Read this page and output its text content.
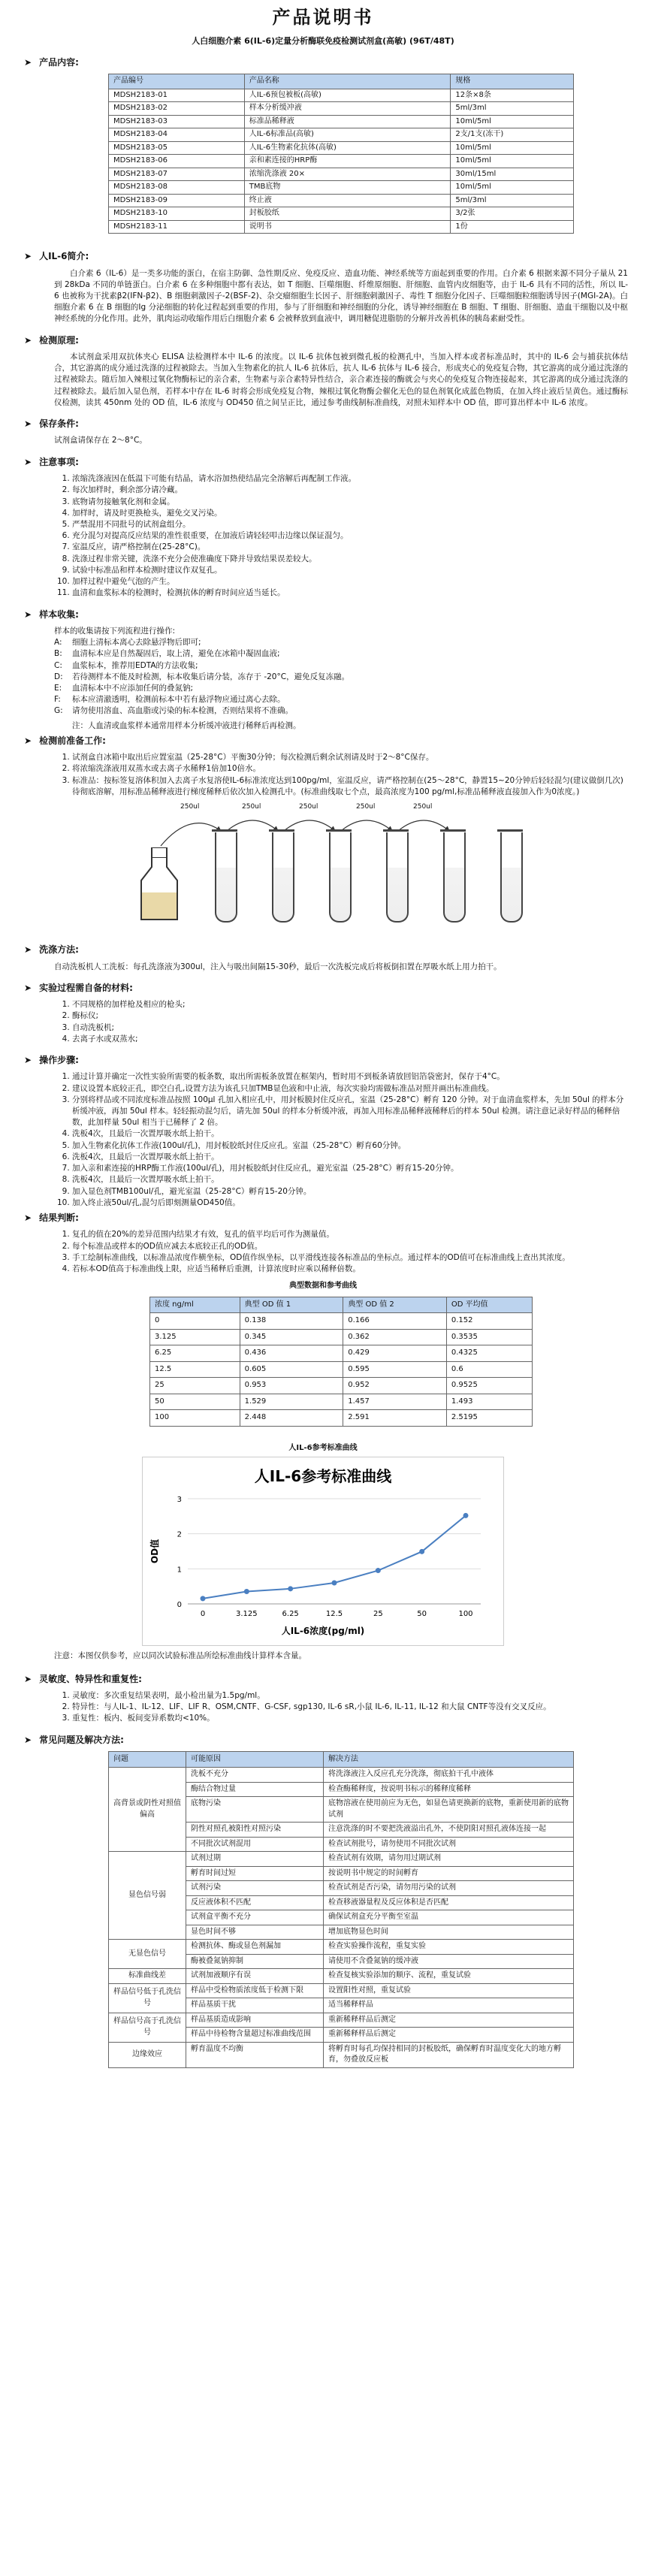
产品说明书
人白细胞介素 6(IL-6)定量分析酶联免疫检测试剂盒(高敏) (96T/48T)
➤ 产品内容:
产品编号	产品名称	规格
MDSH2183-01	人IL-6预包被板(高敏)	12条×8条
MDSH2183-02	样本分析缓冲液	5ml/3ml
MDSH2183-03	标准品稀释液	10ml/5ml
MDSH2183-04	人IL-6标准品(高敏)	2支/1支(冻干)
MDSH2183-05	人IL-6生物素化抗体(高敏)	10ml/5ml
MDSH2183-06	亲和素连接的HRP酶	10ml/5ml
MDSH2183-07	浓缩洗涤液 20×	30ml/15ml
MDSH2183-08	TMB底物	10ml/5ml
MDSH2183-09	终止液	5ml/3ml
MDSH2183-10	封板胶纸	3/2张
MDSH2183-11	说明书	1份
➤ 人IL-6简介:

白介素 6（IL-6）是一类多功能的蛋白，在宿主防御、急性期反应、免疫反应、造血功能、神经系统等方面起到重要的作用。白介素 6 根据来源不同分子量从 21 到 28kDa 不同的单链蛋白。白介素 6 在多种细胞中都有表达，如 T 细胞、巨噬细胞、纤维原细胞、肝细胞、血管内皮细胞等，由于 IL-6 具有不同的活性，所以 IL-6 也被称为干扰素β2(IFN-β2)、B 细胞刺激因子-2(BSF-2)、杂交瘤细胞生长因子、肝细胞刺激因子、毒性 T 细胞分化因子、巨噬细胞粒细胞诱导因子(MGI-2A)。白细胞介素 6 在 B 细胞的Ig 分泌细胞的转化过程起到重要的作用，参与了肝细胞和神经细胞的分化，诱导神经细胞在 B 细胞、T 细胞、肝细胞、造血干细胞以及中枢神经系统的分化作用。此外，肌肉运动收缩作用后白细胞介素 6 会被释放到血液中，调用糖促进脂肪的分解并改善机体的胰岛素耐受性。

➤ 检测原理:

本试剂盒采用双抗体夹心 ELISA 法检测样本中 IL-6 的浓度。以 IL-6 抗体包被到微孔板的检测孔中，当加入样本或者标准品时，其中的 IL-6 会与捕获抗体结合，其它游离的成分通过洗涤的过程被除去。当加入生物素化的抗人 IL-6 抗体后，抗人 IL-6 抗体与 IL-6 接合，形成夹心的免疫复合物，其它游离的成分通过洗涤的过程被除去。随后加入辣根过氧化物酶标记的亲合素，生物素与亲合素特异性结合，亲合素连接的酶就会与夹心的免疫复合物连接起来，其它游离的成分通过洗涤的过程被除去。最后加入显色剂，若样本中存在 IL-6 时将会形成免疫复合物，辣根过氧化物酶会催化无色的显色剂氧化成蓝色物质，在加入终止液后呈黄色。通过酶标仪检测，读其 450nm 处的 OD 值，IL-6 浓度与 OD450 值之间呈正比，通过参考曲线制标准曲线，对照未知样本中 OD 值，即可算出样本中 IL-6 浓度。

➤ 保存条件:

试剂盒请保存在 2～8°C。

➤ 注意事项:
1. 浓缩洗涤液因在低温下可能有结晶，请水浴加热使结晶完全溶解后再配制工作液。
2. 每次加样时，剩余部分请冷藏。
3. 底物请勿接触氧化剂和金属。
4. 加样时，请及时更换枪头，避免交叉污染。
5. 严禁混用不同批号的试剂盒组分。
6. 充分混匀对提高反应结果的准性很重要，在加液后请轻轻叩击边缘以保证混匀。
7. 室温反应，请严格控制在(25-28°C)。
8. 洗涤过程非常关键，洗涤不充分会使准确度下降并导致结果误差较大。
9. 试验中标准品和样本检测时建议作双复孔。
10. 加样过程中避免气泡的产生。
11. 血清和血浆标本的检测时，检测抗体的孵育时间应适当延长。
➤ 样本收集:
样本的收集请按下列流程进行操作:
A: 细胞上清标本离心去除悬浮物后即可;
B: 血清标本应是自然凝固后，取上清，避免在冰箱中凝固血液;
C: 血浆标本，推荐用EDTA的方法收集;
D: 若待测样本不能及时检测，标本收集后请分装，冻存于 -20°C，避免反复冻融。
E: 血清标本中不应添加任何的叠氮钠;
F: 标本应清澈透明，检测前标本中若有悬浮物应通过离心去除。
G: 请勿使用溶血、高血脂或污染的标本检测，否则结果将不准确。
注：人血清或血浆样本通常用样本分析缓冲液进行稀释后再检测。
➤ 检测前准备工作:
1. 试剂盒自冰箱中取出后应置室温（25-28°C）平衡30分钟；每次检测后剩余试剂请及时于2～8°C保存。
2. 将浓缩洗涤液用双蒸水或去离子水稀释1倍加10倍水。
3. 标准品：按标签复溶体积加入去离子水复溶使IL-6标准浓度达到100pg/ml，室温反应，请严格控制在(25～28°C，静置15~20分钟后轻轻混匀(建议做倒几次) 待彻底溶解，用标准品稀释液进行梯度稀释后依次加入检测孔中。(标准曲线取七个点，最高浓度为100 pg/ml,标准品稀释液直接加入作为0浓度。)
250ul	250ul	250ul	250ul	250ul
➤ 洗涤方法:

自动洗板机人工洗板：每孔洗涤液为300ul，注入与吸出间隔15-30秒，最后一次洗板完成后将板倒扣置在厚吸水纸上用力拍干。

➤ 实验过程需自备的材料:
1. 不同规格的加样枪及相应的枪头;
2. 酶标仪;
3. 自动洗板机;
4. 去离子水或双蒸水;
➤ 操作步骤:
1. 通过计算并确定一次性实验所需要的板条数，取出所需板条放置在框架内，暂时用不到板条请放回铝箔袋密封，保存于4°C。
2. 建议设置本底较正孔，即空白孔,设置方法为该孔只加TMB显色液和中止液，每次实验均需做标准品对照并画出标准曲线。
3. 分别将样品或不同浓度标准品按照 100μl 孔加入相应孔中，用封板膜封住反应孔，室温（25-28°C）孵育 120 分钟。对于血清血浆样本，先加 50ul 的样本分析缓冲液，再加 50ul 样本。轻轻振动混匀后，请先加 50ul 的样本分析缓冲液，再加入用标准品稀释液稀释后的样本 50ul 检测。请注意记录好样品的稀释倍数，此加样量 50ul 相当于已稀释了 2 倍。
4. 洗板4次，且最后一次置厚吸水纸上拍干。
5. 加入生物素化抗体工作液(100ul/孔)，用封板胶纸封住反应孔。室温（25-28°C）孵育60分钟。
6. 洗板4次，且最后一次置厚吸水纸上拍干。
7. 加入亲和素连接的HRP酶工作液(100ul/孔)，用封板胶纸封住反应孔，避光室温（25-28°C）孵育15-20分钟。
8. 洗板4次，且最后一次置厚吸水纸上拍干。
9. 加入显色剂TMB100ul/孔，避光室温（25-28°C）孵育15-20分钟。
10. 加入终止液50ul/孔,混匀后即刻测量OD450值。
➤ 结果判断:
1. 复孔的值在20%的差异范围内结果才有效，复孔的值平均后可作为测量值。
2. 每个标准品或样本的OD值应减去本底较正孔的OD值。
3. 手工绘制标准曲线，以标准品浓度作横坐标，OD值作纵坐标，以平滑线连接各标准品的坐标点。通过样本的OD值可在标准曲线上查出其浓度。
4. 若标本OD值高于标准曲线上限，应适当稀释后重测，计算浓度时应乘以稀释倍数。
典型数据和参考曲线
浓度 ng/ml	典型 OD 值 1	典型 OD 值 2	OD 平均值
0	0.138	0.166	0.152
3.125	0.345	0.362	0.3535
6.25	0.436	0.429	0.4325
12.5	0.605	0.595	0.6
25	0.953	0.952	0.9525
50	1.529	1.457	1.493
100	2.448	2.591	2.5195
人IL-6参考标准曲线
人IL-6参考标准曲线
0
1
2
3
0	3.125	6.25	12.5	25	50	100
人IL-6浓度(pg/ml)
OD值
注意：本图仅供参考，应以同次试验标准品所绘标准曲线计算样本含量。
➤ 灵敏度、特异性和重复性:
1. 灵敏度：多次重复结果表明，最小检出量为1.5pg/ml。
2. 特异性：与人IL-1、IL-12、LIF、LIF R、OSM,CNTF、G-CSF, sgp130, IL-6 sR,小鼠 IL-6, IL-11, IL-12 和大鼠 CNTF等没有交叉反应。
3. 重复性：板内、板间变异系数均<10%。
➤ 常见问题及解决方法:
问题	可能原因	解决方法
高背景或阴性对照值偏高	洗板不充分	将洗涤液注入反应孔充分洗涤，彻底拍干孔中液体
	酶结合物过量	检查酶稀释度，按说明书标示的稀释度稀释
	底物污染	底物溶液在使用前应为无色，如显色请更换新的底物，重新使用新的底物试剂
	阴性对照孔被阳性对照污染	注意洗涤的时不要把洗液溢出孔外，不使阴阳对照孔液体连接一起
	不同批次试剂混用	检查试剂批号，请勿使用不同批次试剂
显色信号弱	试剂过期	检查试剂有效期，请勿用过期试剂
	孵育时间过短	按说明书中规定的时间孵育
	试剂污染	检查试剂是否污染，请勿用污染的试剂
	反应液体积不匹配	检查移液器量程及反应体积是否匹配
	试剂盒平衡不充分	确保试剂盒充分平衡至室温
	显色时间不够	增加底物显色时间
无显色信号	检测抗体、酶或显色剂漏加	检查实验操作流程，重复实验
	酶被叠氮钠抑制	请使用不含叠氮钠的缓冲液
标准曲线差	试剂加液顺序有误	检查复核实验添加的顺序、流程，重复试验
样品信号低于孔洗信号	样品中受检物质浓度低于检测下限	设置阳性对照，重复试验
	样品基质干扰	适当稀释样品
样品信号高于孔洗信号	样品基质造成影响	重新稀释样品后测定
	样品中待检物含量超过标准曲线范围	重新稀释样品后测定
边缘效应	孵育温度不均衡	将孵育时每孔均保持相同的封板胶纸，确保孵育时温度变化大的地方孵育，勿叠放反应板
